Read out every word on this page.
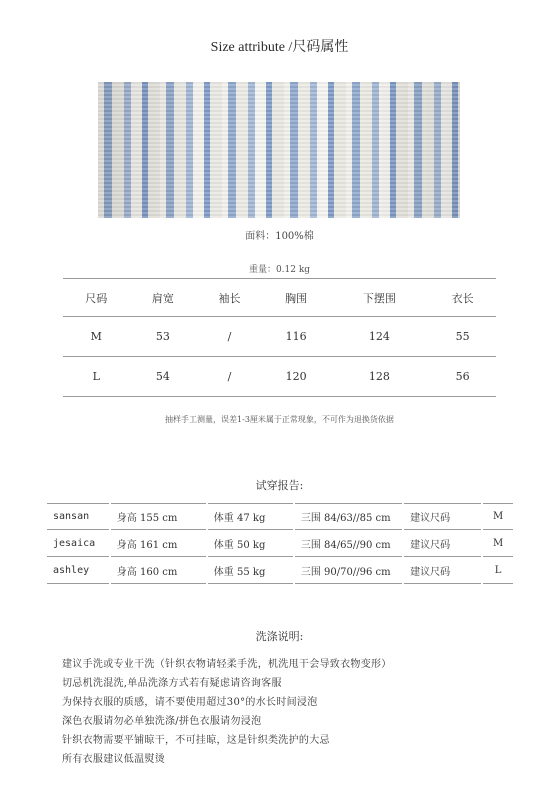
Size attribute /尺码属性
面料：100%棉
重量：0.12 kg
尺码	肩宽	袖长	胸围	下摆围	衣长
M	53	/	116	124	55
L	54	/	120	128	56
抽样手工测量，误差1-3厘米属于正常现象，不可作为退换货依据
试穿报告:
sansan	身高 155 cm	体重 47 kg	三围 84/63//85 cm	建议尺码	M
jesaica	身高 161 cm	体重 50 kg	三围 84/65//90 cm	建议尺码	M
ashley	身高 160 cm	体重 55 kg	三围 90/70//96 cm	建议尺码	L
洗涤说明:
建议手洗或专业干洗（针织衣物请轻柔手洗，机洗甩干会导致衣物变形）
切忌机洗混洗,单品洗涤方式若有疑虑请咨询客服
为保持衣服的质感，请不要使用超过30°的水长时间浸泡
深色衣服请勿必单独洗涤/拼色衣服请勿浸泡
针织衣物需要平铺晾干，不可挂晾，这是针织类洗护的大忌
所有衣服建议低温熨烫
